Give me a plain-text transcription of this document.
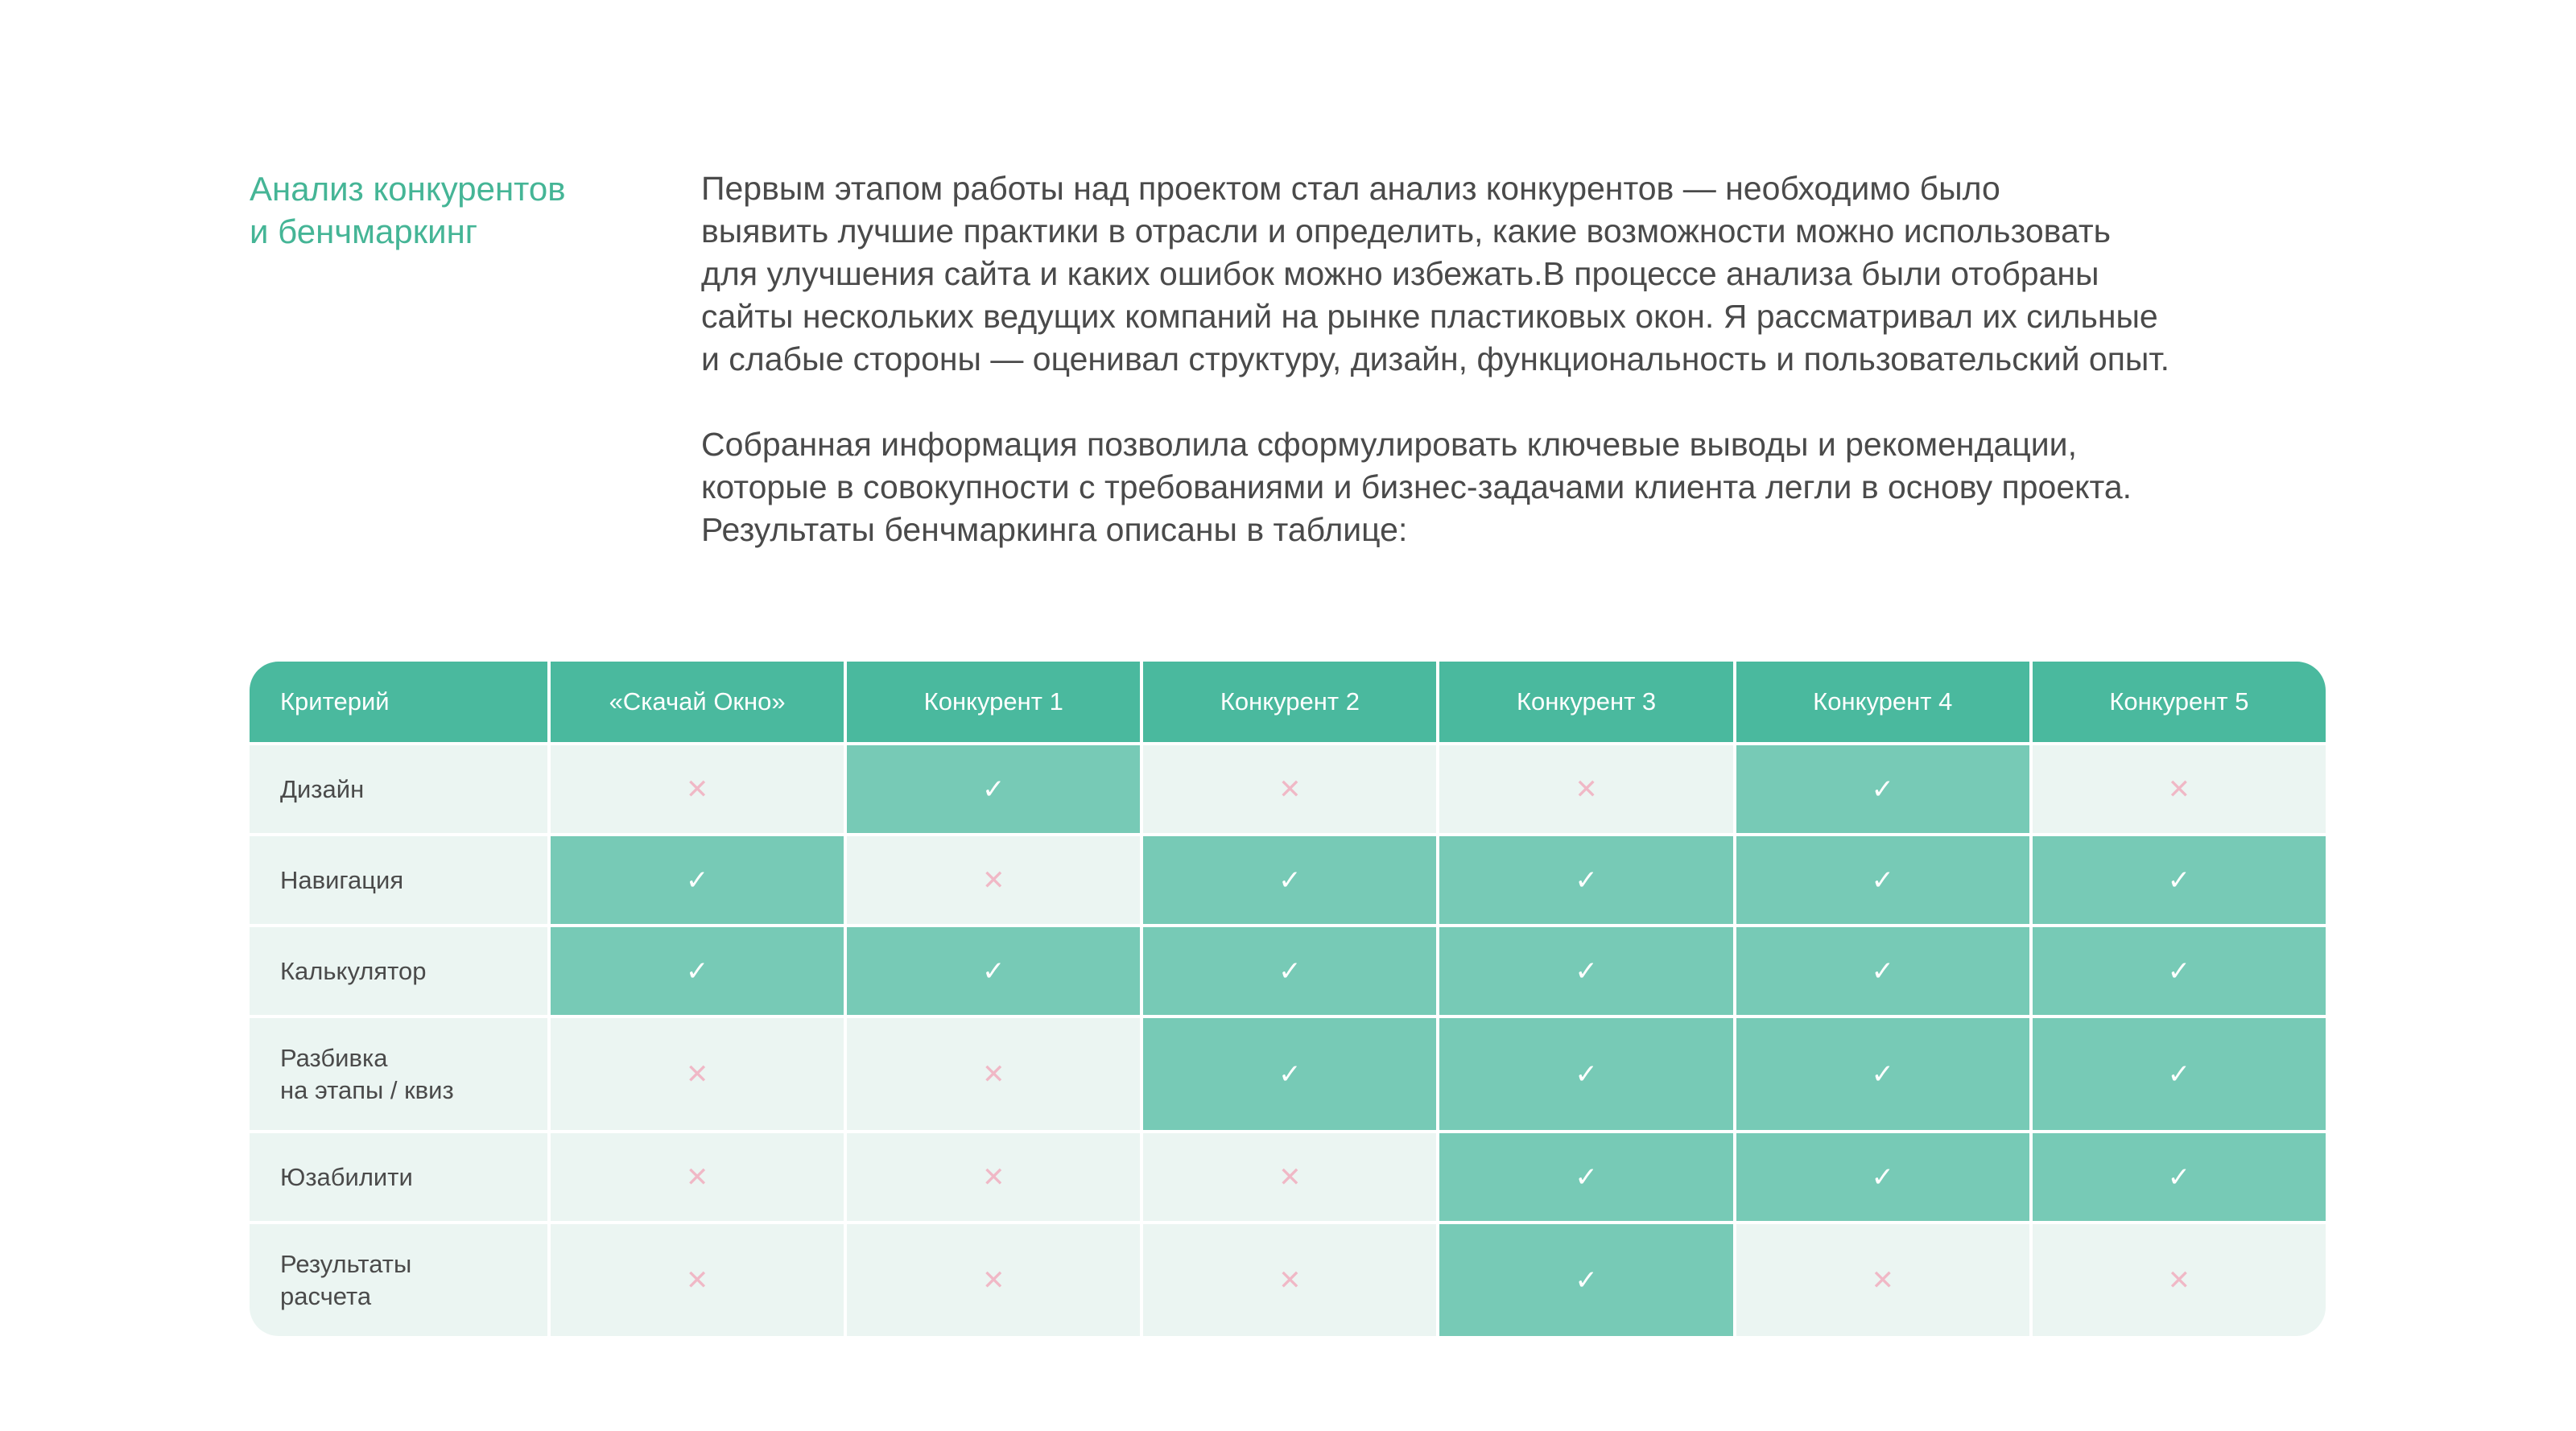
Анализ конкурентов
и бенчмаркинг

Первым этапом работы над проектом стал анализ конкурентов — необходимо было
выявить лучшие практики в отрасли и определить, какие возможности можно использовать
для улучшения сайта и каких ошибок можно избежать.В процессе анализа были отобраны
сайты нескольких ведущих компаний на рынке пластиковых окон. Я рассматривал их сильные
и слабые стороны — оценивал структуру, дизайн, функциональность и пользовательский опыт.

Собранная информация позволила сформулировать ключевые выводы и рекомендации,
которые в совокупности с требованиями и бизнес-задачами клиента легли в основу проекта.
Результаты бенчмаркинга описаны в таблице:

Критерий	«Скачай Окно»	Конкурент 1	Конкурент 2	Конкурент 3	Конкурент 4	Конкурент 5
Дизайн	✕	✓	✕	✕	✓	✕
Навигация	✓	✕	✓	✓	✓	✓
Калькулятор	✓	✓	✓	✓	✓	✓
Разбивка
на этапы / квиз
✕	✕	✓	✓	✓	✓
Юзабилити	✕	✕	✕	✓	✓	✓
Результаты
расчета
✕	✕	✕	✓	✕	✕
